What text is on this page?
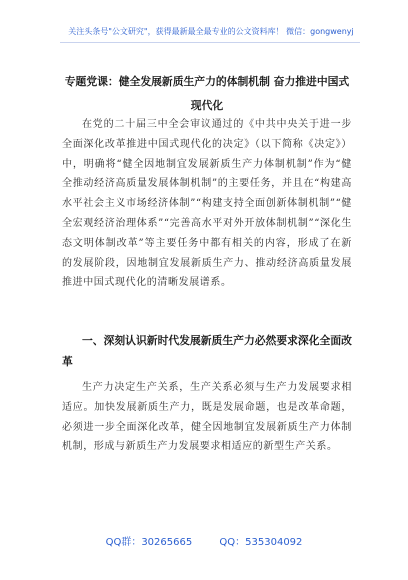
关注头条号"公文研究"，获得最新最全最专业的公文资料库！ 微信：gongwenyj
专题党课：健全发展新质生产力的体制机制 奋力推进中国式现代化

在党的二十届三中全会审议通过的《中共中央关于进一步全面深化改革推进中国式现代化的决定》（以下简称《决定》）中，明确将“健全因地制宜发展新质生产力体制机制”作为“健全推动经济高质量发展体制机制”的主要任务，并且在“构建高水平社会主义市场经济体制”“构建支持全面创新体制机制”“健全宏观经济治理体系”“完善高水平对外开放体制机制”“深化生态文明体制改革”等主要任务中都有相关的内容，形成了在新的发展阶段，因地制宜发展新质生产力、推动经济高质量发展推进中国式现代化的清晰发展谱系。

一、深刻认识新时代发展新质生产力必然要求深化全面改革

生产力决定生产关系，生产关系必须与生产力发展要求相适应。加快发展新质生产力，既是发展命题，也是改革命题，必须进一步全面深化改革，健全因地制宜发展新质生产力体制机制，形成与新质生产力发展要求相适应的新型生产关系。

QQ群：30265665	QQ：535304092
